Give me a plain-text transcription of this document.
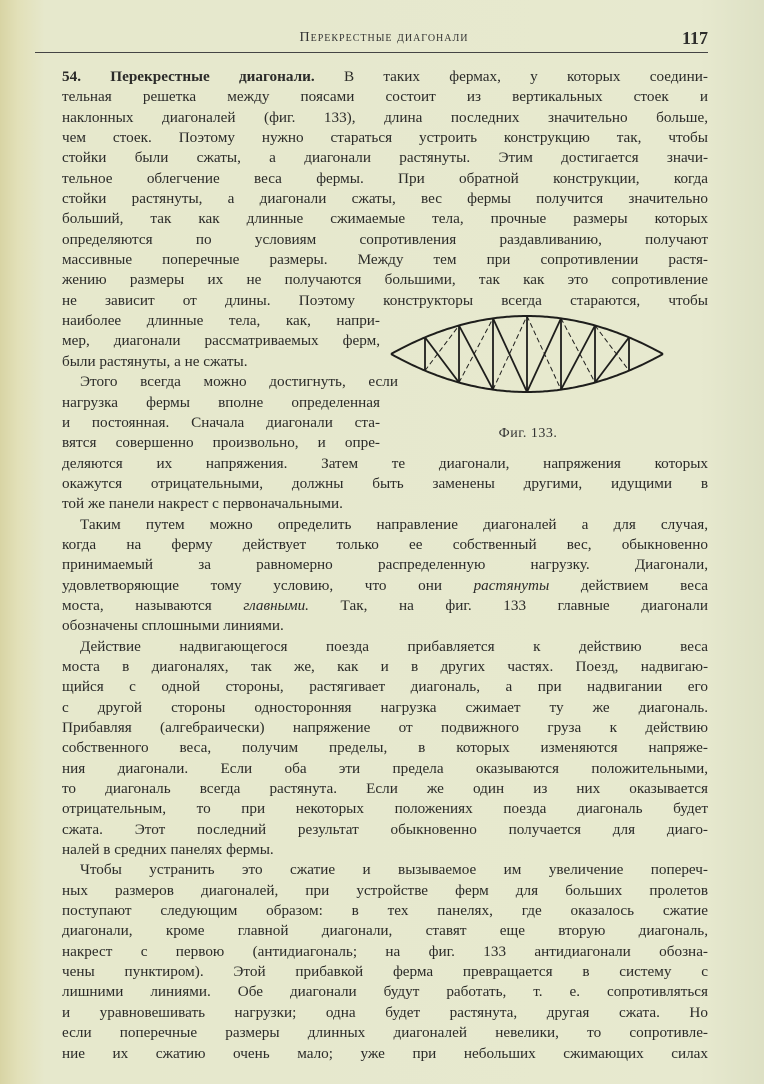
Перекрестные диагонали	117
54. Перекрестные диагонали. В таких фермах, у которых соедини-
тельная решетка между поясами состоит из вертикальных стоек и
наклонных диагоналей (фиг. 133), длина последних значительно больше,
чем стоек. Поэтому нужно стараться устроить конструкцию так, чтобы
стойки были сжаты, а диагонали растянуты. Этим достигается значи-
тельное облегчение веса фермы. При обратной конструкции, когда
стойки растянуты, а диагонали сжаты, вес фермы получится значительно
больший, так как длинные сжимаемые тела, прочные размеры которых
определяются по условиям сопротивления раздавливанию, получают
массивные поперечные размеры. Между тем при сопротивлении растя-
жению размеры их не получаются большими, так как это сопротивление
не зависит от длины. Поэтому конструкторы всегда стараются, чтобы
наиболее длинные тела, как, напри-
мер, диагонали рассматриваемых ферм,
были растянуты, а не сжаты.
Этого всегда можно достигнуть, если
нагрузка фермы вполне определенная
и постоянная. Сначала диагонали ста-
вятся совершенно произвольно, и опре-
деляются их напряжения. Затем те диагонали, напряжения которых
окажутся отрицательными, должны быть заменены другими, идущими в
той же панели накрест с первоначальными.
Таким путем можно определить направление диагоналей а для случая,
когда на ферму действует только ее собственный вес, обыкновенно
принимаемый за равномерно распределенную нагрузку. Диагонали,
удовлетворяющие тому условию, что они растянуты действием веса
моста, называются главными. Так, на фиг. 133 главные диагонали
обозначены сплошными линиями.
Действие надвигающегося поезда прибавляется к действию веса
моста в диагоналях, так же, как и в других частях. Поезд, надвигаю-
щийся с одной стороны, растягивает диагональ, а при надвигании его
с другой стороны односторонняя нагрузка сжимает ту же диагональ.
Прибавляя (алгебраически) напряжение от подвижного груза к действию
собственного веса, получим пределы, в которых изменяются напряже-
ния диагонали. Если оба эти предела оказываются положительными,
то диагональ всегда растянута. Если же один из них оказывается
отрицательным, то при некоторых положениях поезда диагональ будет
сжата. Этот последний результат обыкновенно получается для диаго-
налей в средних панелях фермы.
Чтобы устранить это сжатие и вызываемое им увеличение попереч-
ных размеров диагоналей, при устройстве ферм для больших пролетов
поступают следующим образом: в тех панелях, где оказалось сжатие
диагонали, кроме главной диагонали, ставят еще вторую диагональ,
накрест с первою (антидиагональ; на фиг. 133 антидиагонали обозна-
чены пунктиром). Этой прибавкой ферма превращается в систему с
лишними линиями. Обе диагонали будут работать, т. е. сопротивляться
и уравновешивать нагрузки; одна будет растянута, другая сжата. Но
если поперечные размеры длинных диагоналей невелики, то сопротивле-
ние их сжатию очень мало; уже при небольших сжимающих силах
Фиг. 133.
